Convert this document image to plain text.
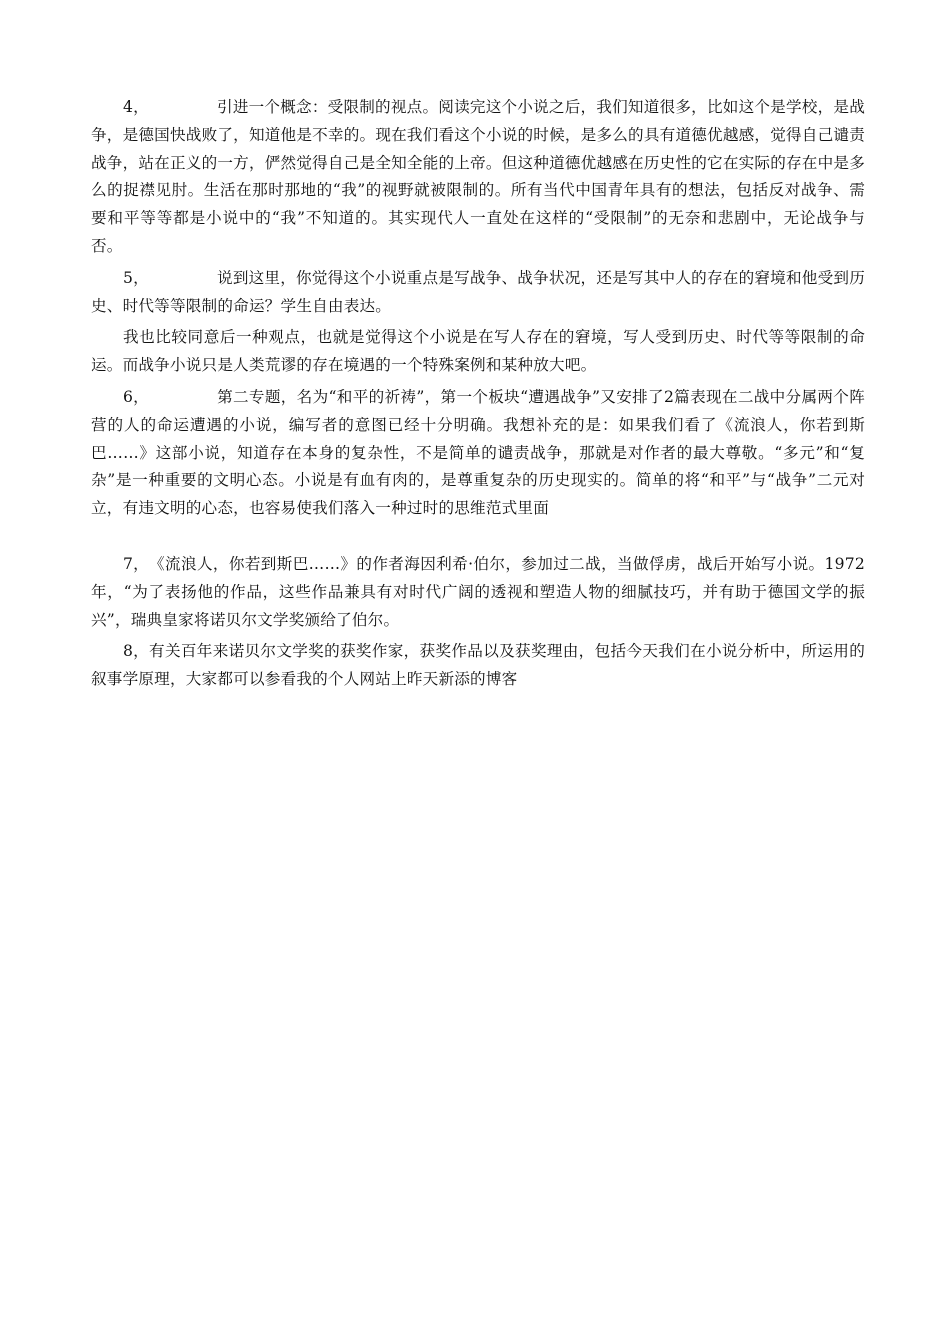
4，	引进一个概念：受限制的视点。阅读完这个小说之后，我们知道很多，比如这个是学校，是战争，是德国快战败了，知道他是不幸的。现在我们看这个小说的时候，是多么的具有道德优越感，觉得自己谴责战争，站在正义的一方，俨然觉得自己是全知全能的上帝。但这种道德优越感在历史性的它在实际的存在中是多么的捉襟见肘。生活在那时那地的“我”的视野就被限制的。所有当代中国青年具有的想法，包括反对战争、需要和平等等都是小说中的“我”不知道的。其实现代人一直处在这样的“受限制”的无奈和悲剧中，无论战争与否。

5，	说到这里，你觉得这个小说重点是写战争、战争状况，还是写其中人的存在的窘境和他受到历史、时代等等限制的命运？学生自由表达。

我也比较同意后一种观点，也就是觉得这个小说是在写人存在的窘境，写人受到历史、时代等等限制的命运。而战争小说只是人类荒谬的存在境遇的一个特殊案例和某种放大吧。

6，	第二专题，名为“和平的祈祷”，第一个板块“遭遇战争”又安排了2篇表现在二战中分属两个阵营的人的命运遭遇的小说，编写者的意图已经十分明确。我想补充的是：如果我们看了《流浪人，你若到斯巴……》这部小说，知道存在本身的复杂性，不是简单的谴责战争，那就是对作者的最大尊敬。“多元”和“复杂”是一种重要的文明心态。小说是有血有肉的，是尊重复杂的历史现实的。简单的将“和平”与“战争”二元对立，有违文明的心态，也容易使我们落入一种过时的思维范式里面

7，《流浪人，你若到斯巴……》的作者海因利希·伯尔，参加过二战，当做俘虏，战后开始写小说。1972年，“为了表扬他的作品，这些作品兼具有对时代广阔的透视和塑造人物的细腻技巧，并有助于德国文学的振兴”，瑞典皇家将诺贝尔文学奖颁给了伯尔。

8，有关百年来诺贝尔文学奖的获奖作家，获奖作品以及获奖理由，包括今天我们在小说分析中，所运用的叙事学原理，大家都可以参看我的个人网站上昨天新添的博客
